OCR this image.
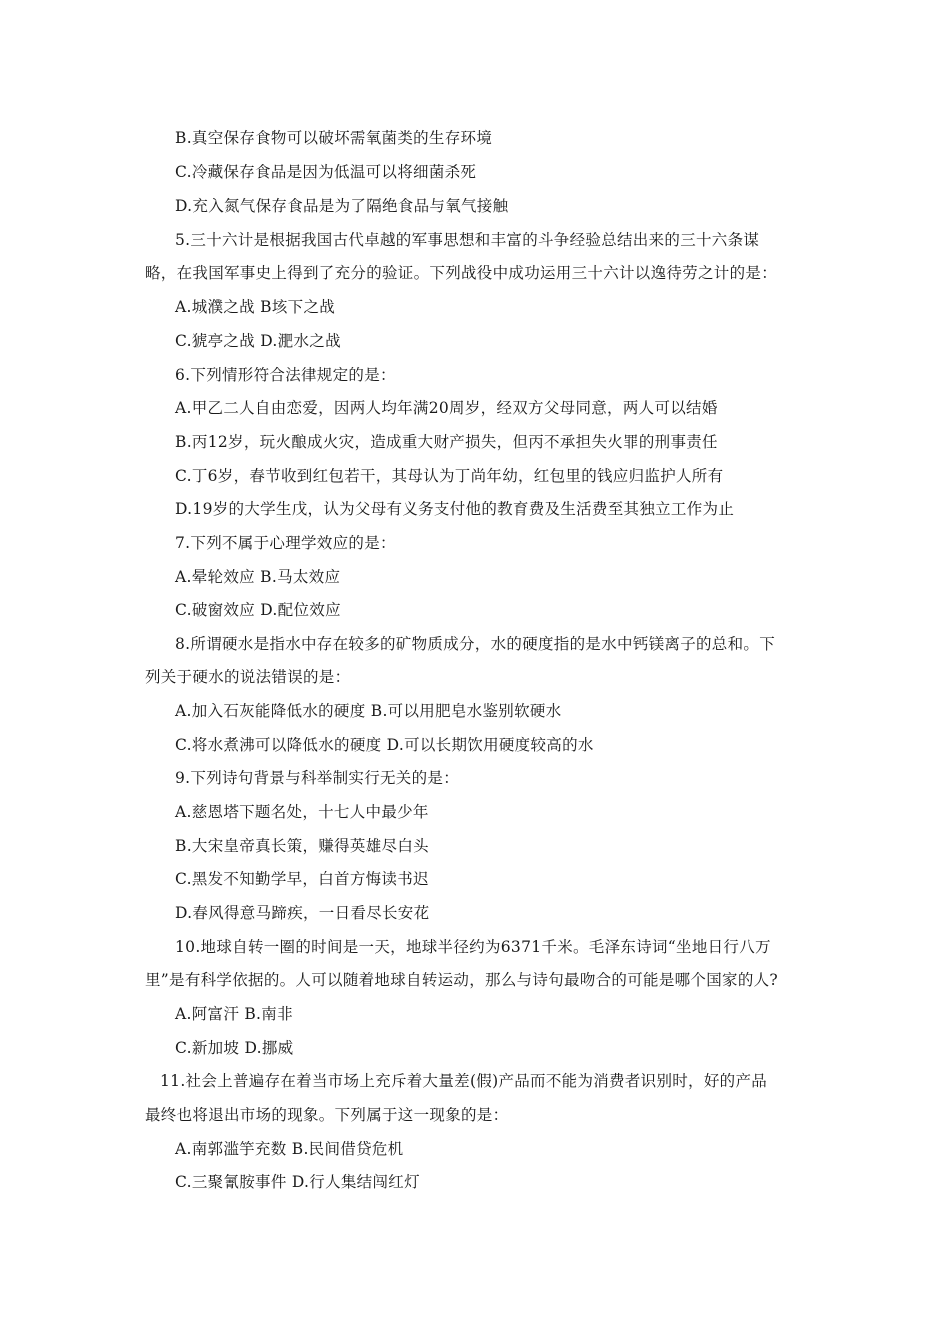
B.真空保存食物可以破坏需氧菌类的生存环境
C.冷藏保存食品是因为低温可以将细菌杀死
D.充入氮气保存食品是为了隔绝食品与氧气接触
5.三十六计是根据我国古代卓越的军事思想和丰富的斗争经验总结出来的三十六条谋
略，在我国军事史上得到了充分的验证。下列战役中成功运用三十六计以逸待劳之计的是：
A.城濮之战 B垓下之战
C.猇亭之战 D.淝水之战
6.下列情形符合法律规定的是：
A.甲乙二人自由恋爱，因两人均年满20周岁，经双方父母同意，两人可以结婚
B.丙12岁，玩火酿成火灾，造成重大财产损失，但丙不承担失火罪的刑事责任
C.丁6岁，春节收到红包若干，其母认为丁尚年幼，红包里的钱应归监护人所有
D.19岁的大学生戊，认为父母有义务支付他的教育费及生活费至其独立工作为止
7.下列不属于心理学效应的是：
A.晕轮效应 B.马太效应
C.破窗效应 D.配位效应
8.所谓硬水是指水中存在较多的矿物质成分，水的硬度指的是水中钙镁离子的总和。下
列关于硬水的说法错误的是：
A.加入石灰能降低水的硬度 B.可以用肥皂水鉴别软硬水
C.将水煮沸可以降低水的硬度 D.可以长期饮用硬度较高的水
9.下列诗句背景与科举制实行无关的是：
A.慈恩塔下题名处，十七人中最少年
B.大宋皇帝真长策，赚得英雄尽白头
C.黑发不知勤学早，白首方悔读书迟
D.春风得意马蹄疾，一日看尽长安花
10.地球自转一圈的时间是一天，地球半径约为6371千米。毛泽东诗词“坐地日行八万
里”是有科学依据的。人可以随着地球自转运动，那么与诗句最吻合的可能是哪个国家的人?
A.阿富汗 B.南非
C.新加坡 D.挪威
11.社会上普遍存在着当市场上充斥着大量差(假)产品而不能为消费者识别时，好的产品
最终也将退出市场的现象。下列属于这一现象的是：
A.南郭滥竽充数 B.民间借贷危机
C.三聚氰胺事件 D.行人集结闯红灯
